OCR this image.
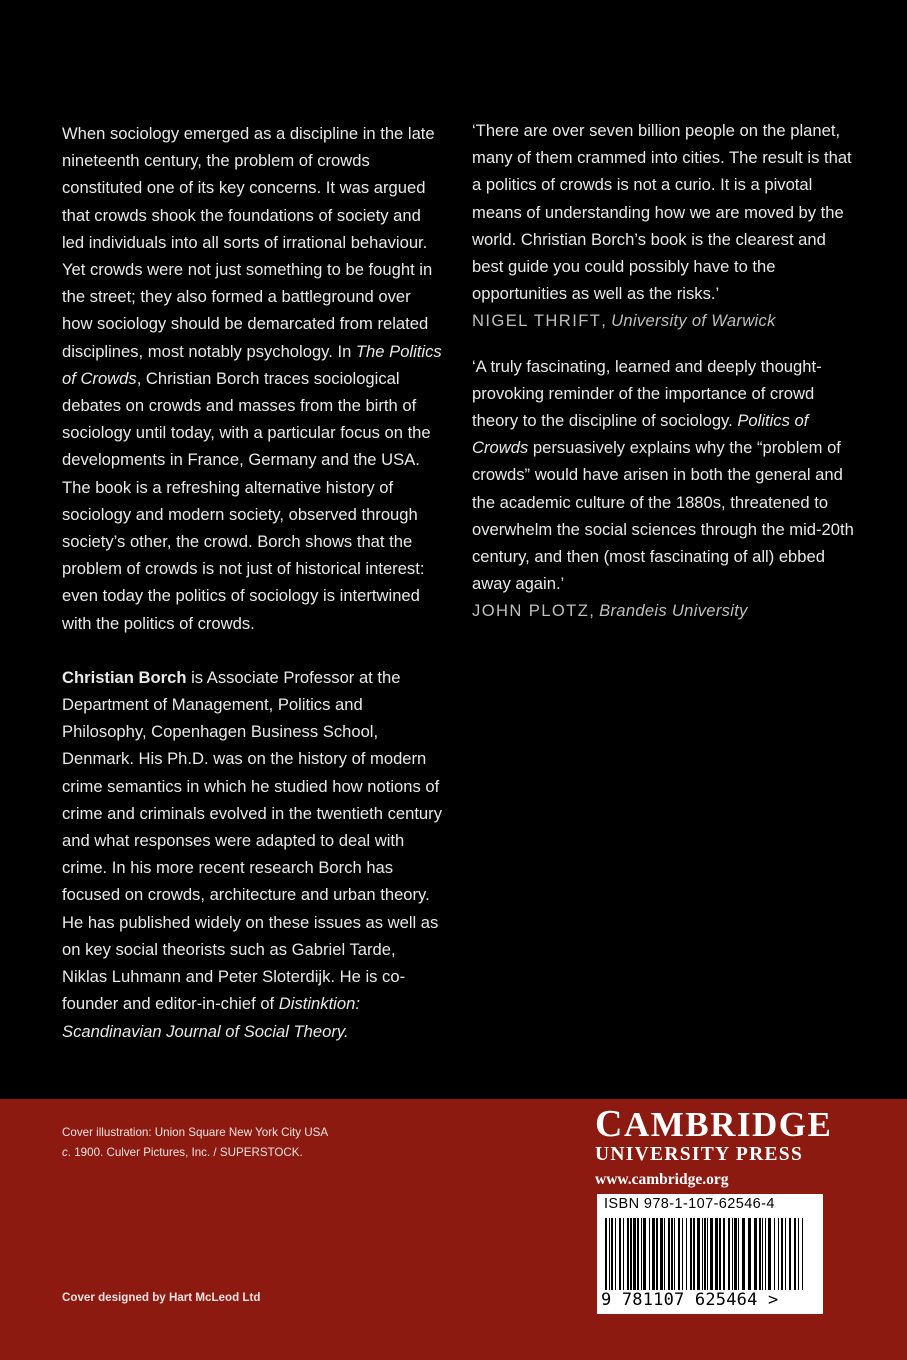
When sociology emerged as a discipline in the late nineteenth century, the problem of crowds constituted one of its key concerns. It was argued that crowds shook the foundations of society and led individuals into all sorts of irrational behaviour. Yet crowds were not just something to be fought in the street; they also formed a battleground over how sociology should be demarcated from related disciplines, most notably psychology. In The Politics of Crowds, Christian Borch traces sociological debates on crowds and masses from the birth of sociology until today, with a particular focus on the developments in France, Germany and the USA. The book is a refreshing alternative history of sociology and modern society, observed through society’s other, the crowd. Borch shows that the problem of crowds is not just of historical interest: even today the politics of sociology is intertwined with the politics of crowds.

Christian Borch is Associate Professor at the Department of Management, Politics and Philosophy, Copenhagen Business School, Denmark. His Ph.D. was on the history of modern crime semantics in which he studied how notions of crime and criminals evolved in the twentieth century and what responses were adapted to deal with crime. In his more recent research Borch has focused on crowds, architecture and urban theory. He has published widely on these issues as well as on key social theorists such as Gabriel Tarde, Niklas Luhmann and Peter Sloterdijk. He is co-founder and editor-in-chief of Distinktion: Scandinavian Journal of Social Theory.

‘There are over seven billion people on the planet, many of them crammed into cities. The result is that a politics of crowds is not a curio. It is a pivotal means of understanding how we are moved by the world. Christian Borch’s book is the clearest and best guide you could possibly have to the opportunities as well as the risks.’

NIGEL THRIFT, University of Warwick

‘A truly fascinating, learned and deeply thought-provoking reminder of the importance of crowd theory to the discipline of sociology. Politics of Crowds persuasively explains why the “problem of crowds” would have arisen in both the general and the academic culture of the 1880s, threatened to overwhelm the social sciences through the mid-20th century, and then (most fascinating of all) ebbed away again.’

JOHN PLOTZ, Brandeis University

Cover illustration: Union Square New York City USA
c. 1900. Culver Pictures, Inc. / SUPERSTOCK.
Cover designed by Hart McLeod Ltd
CAMBRIDGE
UNIVERSITY PRESS
www.cambridge.org
ISBN 978-1-107-62546-4
9 781107 625464 >
